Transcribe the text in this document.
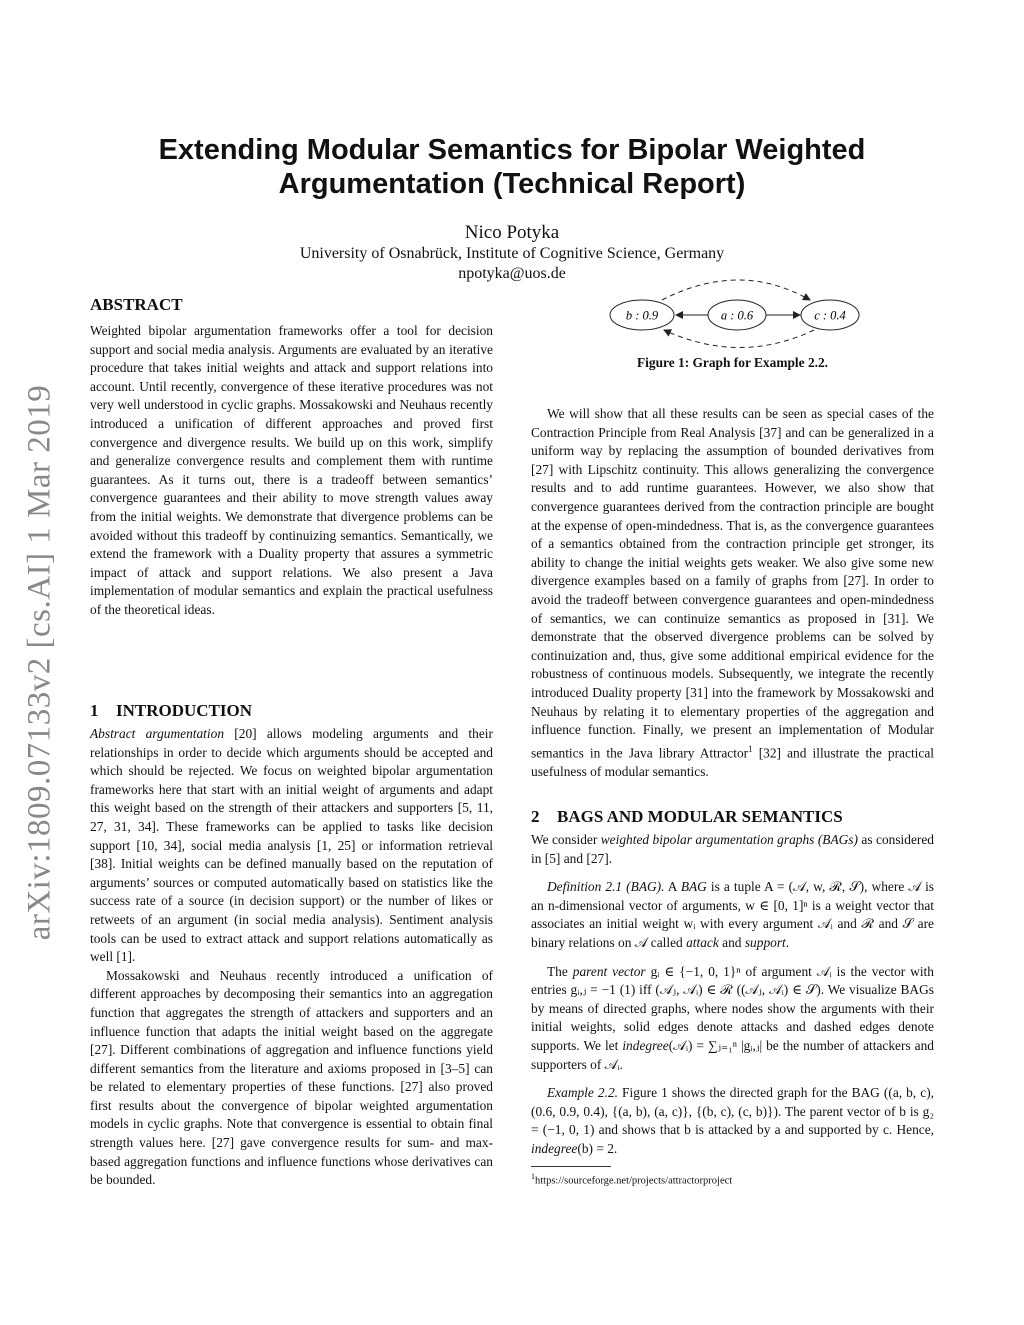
arXiv:1809.07133v2 [cs.AI] 1 Mar 2019
Extending Modular Semantics for Bipolar Weighted
Argumentation (Technical Report)
Nico Potyka
University of Osnabrück, Institute of Cognitive Science, Germany
npotyka@uos.de
ABSTRACT

Weighted bipolar argumentation frameworks offer a tool for decision support and social media analysis. Arguments are evaluated by an iterative procedure that takes initial weights and attack and support relations into account. Until recently, convergence of these iterative procedures was not very well understood in cyclic graphs. Mossakowski and Neuhaus recently introduced a unification of different approaches and proved first convergence and divergence results. We build up on this work, simplify and generalize convergence results and complement them with runtime guarantees. As it turns out, there is a tradeoff between semantics’ convergence guarantees and their ability to move strength values away from the initial weights. We demonstrate that divergence problems can be avoided without this tradeoff by continuizing semantics. Semantically, we extend the framework with a Duality property that assures a symmetric impact of attack and support relations. We also present a Java implementation of modular semantics and explain the practical usefulness of the theoretical ideas.

1 INTRODUCTION

Abstract argumentation [20] allows modeling arguments and their relationships in order to decide which arguments should be accepted and which should be rejected. We focus on weighted bipolar argumentation frameworks here that start with an initial weight of arguments and adapt this weight based on the strength of their attackers and supporters [5, 11, 27, 31, 34]. These frameworks can be applied to tasks like decision support [10, 34], social media analysis [1, 25] or information retrieval [38]. Initial weights can be defined manually based on the reputation of arguments’ sources or computed automatically based on statistics like the success rate of a source (in decision support) or the number of likes or retweets of an argument (in social media analysis). Sentiment analysis tools can be used to extract attack and support relations automatically as well [1].

Mossakowski and Neuhaus recently introduced a unification of different approaches by decomposing their semantics into an aggregation function that aggregates the strength of attackers and supporters and an influence function that adapts the initial weight based on the aggregate [27]. Different combinations of aggregation and influence functions yield different semantics from the literature and axioms proposed in [3–5] can be related to elementary properties of these functions. [27] also proved first results about the convergence of bipolar weighted argumentation models in cyclic graphs. Note that convergence is essential to obtain final strength values here. [27] gave convergence results for sum- and max-based aggregation functions and influence functions whose derivatives can be bounded.

b : 0.9	a : 0.6	c : 0.4
Figure 1: Graph for Example 2.2.

We will show that all these results can be seen as special cases of the Contraction Principle from Real Analysis [37] and can be generalized in a uniform way by replacing the assumption of bounded derivatives from [27] with Lipschitz continuity. This allows generalizing the convergence results and to add runtime guarantees. However, we also show that convergence guarantees derived from the contraction principle are bought at the expense of open-mindedness. That is, as the convergence guarantees of a semantics obtained from the contraction principle get stronger, its ability to change the initial weights gets weaker. We also give some new divergence examples based on a family of graphs from [27]. In order to avoid the tradeoff between convergence guarantees and open-mindedness of semantics, we can continuize semantics as proposed in [31]. We demonstrate that the observed divergence problems can be solved by continuization and, thus, give some additional empirical evidence for the robustness of continuous models. Subsequently, we integrate the recently introduced Duality property [31] into the framework by Mossakowski and Neuhaus by relating it to elementary properties of the aggregation and influence function. Finally, we present an implementation of Modular semantics in the Java library Attractor$^1$ [32] and illustrate the practical usefulness of modular semantics.

2 BAGS AND MODULAR SEMANTICS

We consider weighted bipolar argumentation graphs (BAGs) as considered in [5] and [27].

Definition 2.1 (BAG). A BAG is a tuple A = (𝒜, w, ℛ, 𝒮), where 𝒜 is an n-dimensional vector of arguments, w ∈ [0, 1]ⁿ is a weight vector that associates an initial weight wᵢ with every argument 𝒜ᵢ and ℛ and 𝒮 are binary relations on 𝒜 called attack and support.

The parent vector gᵢ ∈ {−1, 0, 1}ⁿ of argument 𝒜ᵢ is the vector with entries gᵢ,ⱼ = −1 (1) iff (𝒜ⱼ, 𝒜ᵢ) ∈ ℛ ((𝒜ⱼ, 𝒜ᵢ) ∈ 𝒮). We visualize BAGs by means of directed graphs, where nodes show the arguments with their initial weights, solid edges denote attacks and dashed edges denote supports. We let indegree(𝒜ᵢ) = ∑ⱼ₌₁ⁿ |gᵢ,ⱼ| be the number of attackers and supporters of 𝒜ᵢ.

Example 2.2. Figure 1 shows the directed graph for the BAG ((a, b, c), (0.6, 0.9, 0.4), {(a, b), (a, c)}, {(b, c), (c, b)}). The parent vector of b is g₂ = (−1, 0, 1) and shows that b is attacked by a and supported by c. Hence, indegree(b) = 2.

$^1$https://sourceforge.net/projects/attractorproject
